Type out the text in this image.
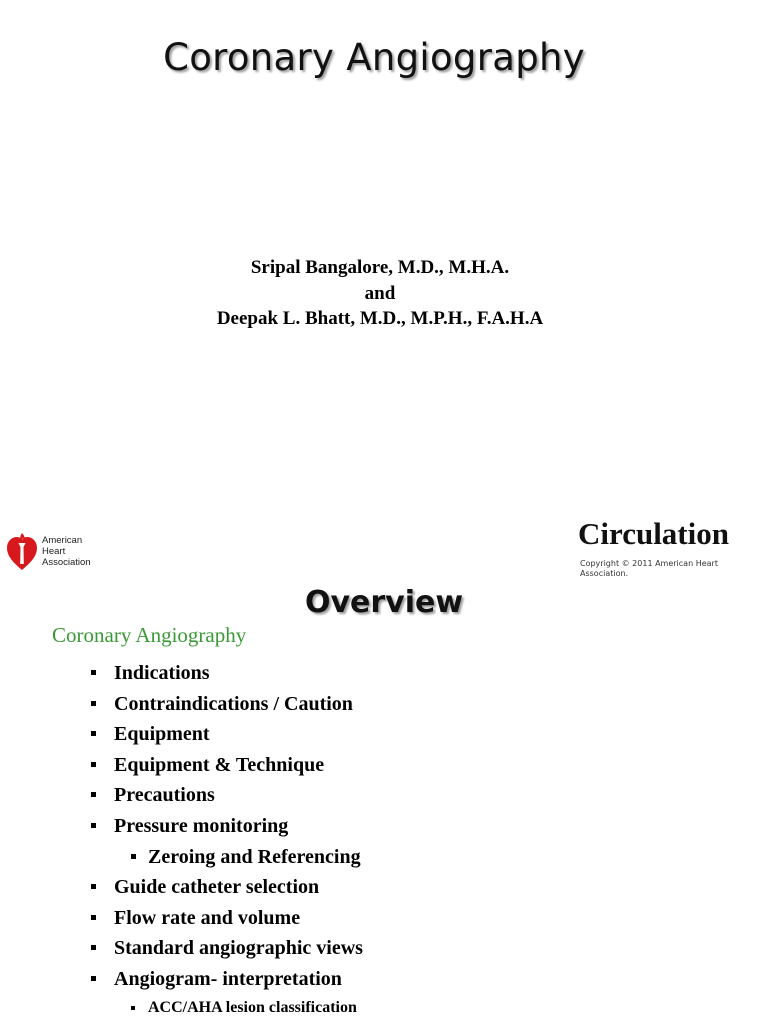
Coronary Angiography
Sripal Bangalore, M.D., M.H.A.
and
Deepak L. Bhatt, M.D., M.P.H., F.A.H.A
American
Heart
Association
Circulation
Copyright © 2011 American Heart Association.
Overview
Coronary Angiography
Indications
Contraindications / Caution
Equipment
Equipment & Technique
Precautions
Pressure monitoring
Zeroing and Referencing
Guide catheter selection
Flow rate and volume
Standard angiographic views
Angiogram- interpretation
ACC/AHA lesion classification
